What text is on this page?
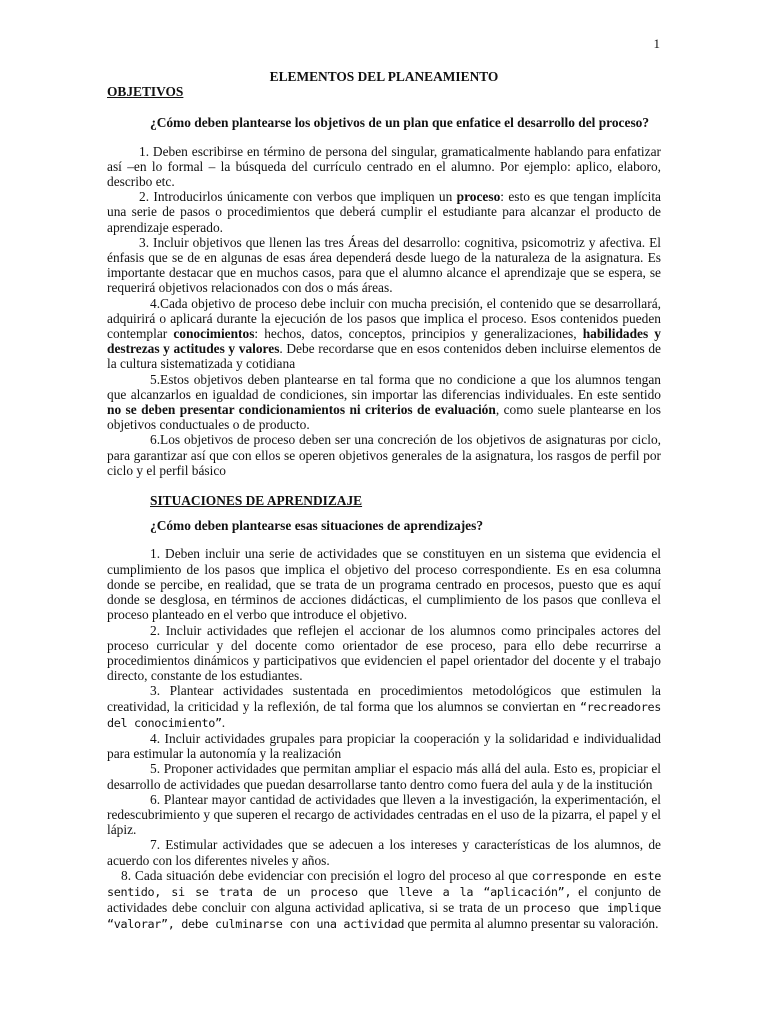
1

ELEMENTOS DEL PLANEAMIENTO

OBJETIVOS

¿Cómo deben plantearse los objetivos de un plan que enfatice el desarrollo del proceso?

1. Deben escribirse en término de persona del singular, gramaticalmente hablando para enfatizar así –en lo formal – la búsqueda del currículo centrado en el alumno. Por ejemplo: aplico, elaboro, describo etc.

2. Introducirlos únicamente con verbos que impliquen un proceso: esto es que tengan implícita una serie de pasos o procedimientos que deberá cumplir el estudiante para alcanzar el producto de aprendizaje esperado.

3. Incluir objetivos que llenen las tres Áreas del desarrollo: cognitiva, psicomotriz y afectiva. El énfasis que se de en algunas de esas área dependerá desde luego de la naturaleza de la asignatura. Es importante destacar que en muchos casos, para que el alumno alcance el aprendizaje que se espera, se requerirá objetivos relacionados con dos o más áreas.

4.Cada objetivo de proceso debe incluir con mucha precisión, el contenido que se desarrollará, adquirirá o aplicará durante la ejecución de los pasos que implica el proceso. Esos contenidos pueden contemplar conocimientos: hechos, datos, conceptos, principios y generalizaciones, habilidades y destrezas y actitudes y valores. Debe recordarse que en esos contenidos deben incluirse elementos de la cultura sistematizada y cotidiana

5.Estos objetivos deben plantearse en tal forma que no condicione a que los alumnos tengan que alcanzarlos en igualdad de condiciones, sin importar las diferencias individuales. En este sentido no se deben presentar condicionamientos ni criterios de evaluación, como suele plantearse en los objetivos conductuales o de producto.

6.Los objetivos de proceso deben ser una concreción de los objetivos de asignaturas por ciclo, para garantizar así que con ellos se operen objetivos generales de la asignatura, los rasgos de perfil por ciclo y el perfil básico

SITUACIONES DE APRENDIZAJE

¿Cómo deben plantearse esas situaciones de aprendizajes?

1. Deben incluir una serie de actividades que se constituyen en un sistema que evidencia el cumplimiento de los pasos que implica el objetivo del proceso correspondiente. Es en esa columna donde se percibe, en realidad, que se trata de un programa centrado en procesos, puesto que es aquí donde se desglosa, en términos de acciones didácticas, el cumplimiento de los pasos que conlleva el proceso planteado en el verbo que introduce el objetivo.

2. Incluir actividades que reflejen el accionar de los alumnos como principales actores del proceso curricular y del docente como orientador de ese proceso, para ello debe recurrirse a procedimientos dinámicos y participativos que evidencien el papel orientador del docente y el trabajo directo, constante de los estudiantes.

3. Plantear actividades sustentada en procedimientos metodológicos que estimulen la creatividad, la criticidad y la reflexión, de tal forma que los alumnos se conviertan en “recreadores del conocimiento”.

4. Incluir actividades grupales para propiciar la cooperación y la solidaridad e individualidad para estimular la autonomía y la realización

5. Proponer actividades que permitan ampliar el espacio más allá del aula. Esto es, propiciar el desarrollo de actividades que puedan desarrollarse tanto dentro como fuera del aula y de la institución

6. Plantear mayor cantidad de actividades que lleven a la investigación, la experimentación, el redescubrimiento y que superen el recargo de actividades centradas en el uso de la pizarra, el papel y el lápiz.

7. Estimular actividades que se adecuen a los intereses y características de los alumnos, de acuerdo con los diferentes niveles y años.

8. Cada situación debe evidenciar con precisión el logro del proceso al que corresponde en este sentido, si se trata de un proceso que lleve a la “aplicación”, el conjunto de actividades debe concluir con alguna actividad aplicativa, si se trata de un proceso que implique “valorar”, debe culminarse con una actividad que permita al alumno presentar su valoración.
